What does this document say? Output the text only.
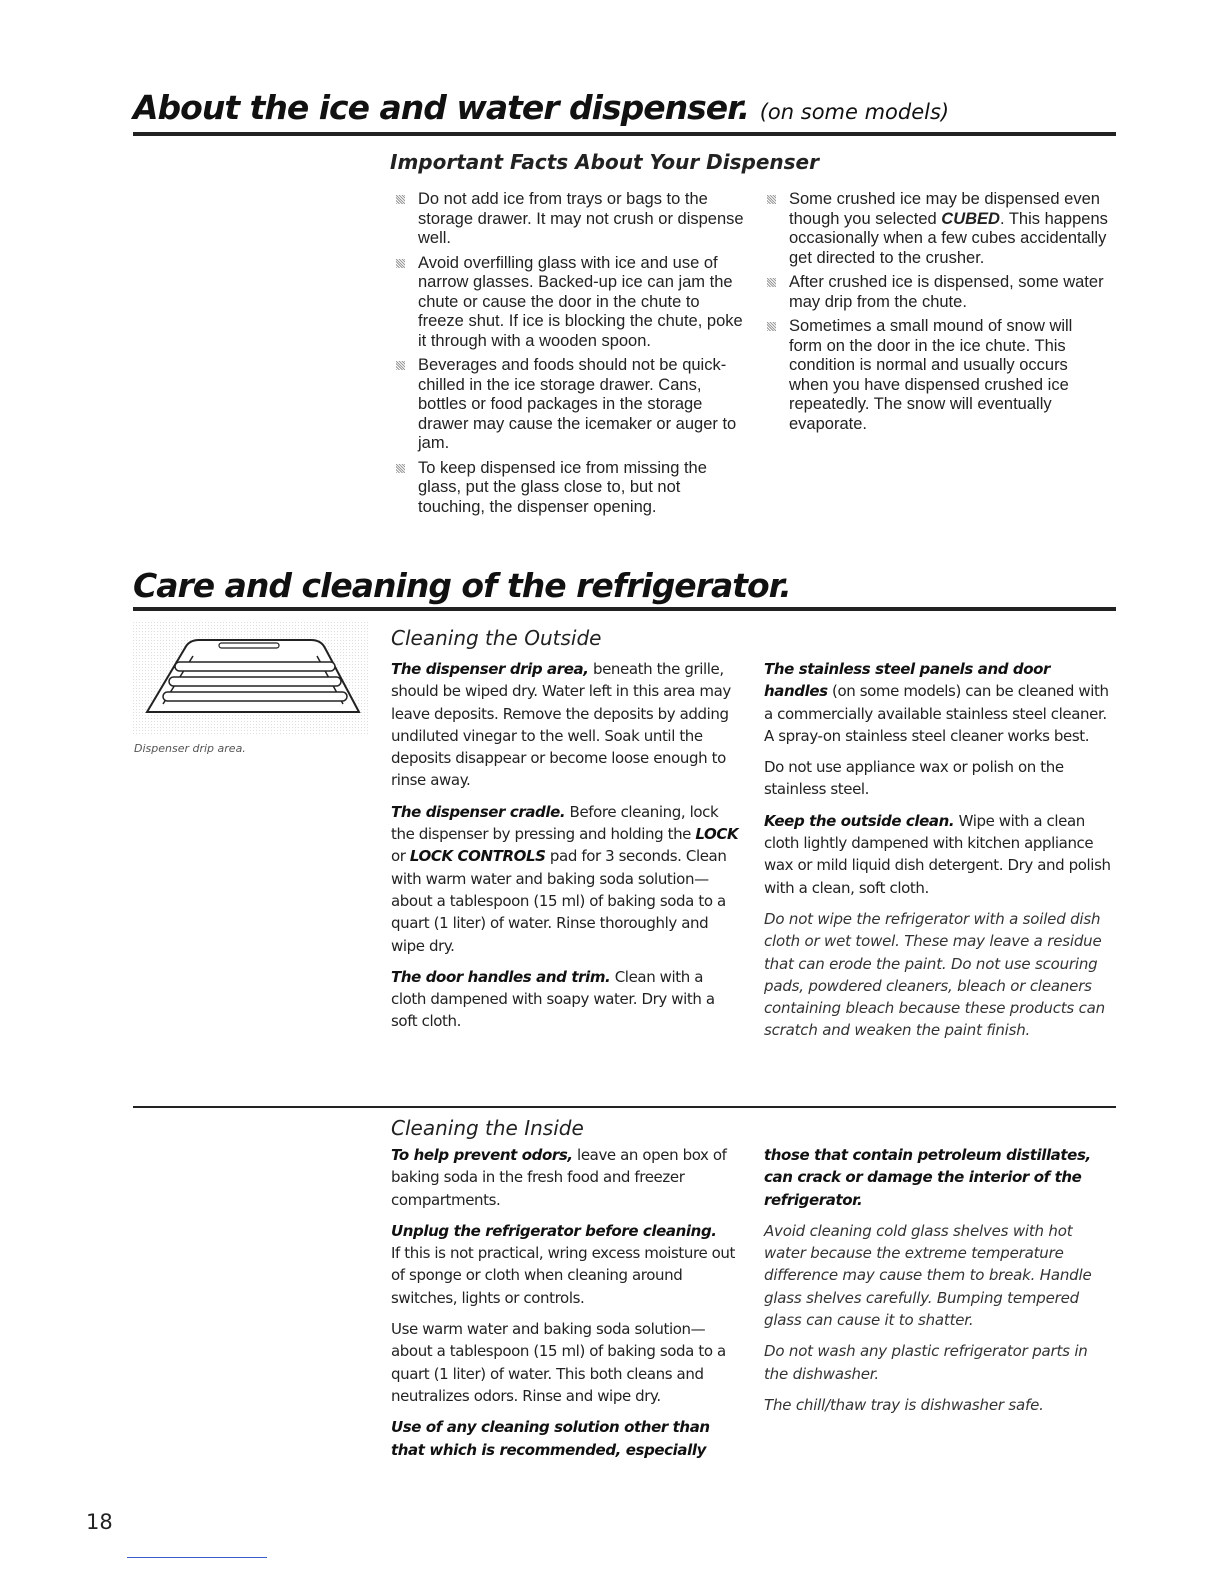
About the ice and water dispenser. (on some models)
Important Facts About Your Dispenser
Do not add ice from trays or bags to the storage drawer. It may not crush or dispense well.
Avoid overfilling glass with ice and use of narrow glasses. Backed-up ice can jam the chute or cause the door in the chute to freeze shut. If ice is blocking the chute, poke it through with a wooden spoon.
Beverages and foods should not be quick-chilled in the ice storage drawer. Cans, bottles or food packages in the storage drawer may cause the icemaker or auger to jam.
To keep dispensed ice from missing the glass, put the glass close to, but not touching, the dispenser opening.
Some crushed ice may be dispensed even though you selected CUBED. This happens occasionally when a few cubes accidentally get directed to the crusher.
After crushed ice is dispensed, some water may drip from the chute.
Sometimes a small mound of snow will form on the door in the ice chute. This condition is normal and usually occurs when you have dispensed crushed ice repeatedly. The snow will eventually evaporate.
Care and cleaning of the refrigerator.
Dispenser drip area.
Cleaning the Outside

The dispenser drip area, beneath the grille, should be wiped dry. Water left in this area may leave deposits. Remove the deposits by adding undiluted vinegar to the well. Soak until the deposits disappear or become loose enough to rinse away.

The dispenser cradle. Before cleaning, lock the dispenser by pressing and holding the LOCK or LOCK CONTROLS pad for 3 seconds. Clean with warm water and baking soda solution—about a tablespoon (15 ml) of baking soda to a quart (1 liter) of water. Rinse thoroughly and wipe dry.

The door handles and trim. Clean with a cloth dampened with soapy water. Dry with a soft cloth.

The stainless steel panels and door handles (on some models) can be cleaned with a commercially available stainless steel cleaner. A spray-on stainless steel cleaner works best.

Do not use appliance wax or polish on the stainless steel.

Keep the outside clean. Wipe with a clean cloth lightly dampened with kitchen appliance wax or mild liquid dish detergent. Dry and polish with a clean, soft cloth.

Do not wipe the refrigerator with a soiled dish cloth or wet towel. These may leave a residue that can erode the paint. Do not use scouring pads, powdered cleaners, bleach or cleaners containing bleach because these products can scratch and weaken the paint finish.

Cleaning the Inside

To help prevent odors, leave an open box of baking soda in the fresh food and freezer compartments.

Unplug the refrigerator before cleaning.
If this is not practical, wring excess moisture out of sponge or cloth when cleaning around switches, lights or controls.

Use warm water and baking soda solution—about a tablespoon (15 ml) of baking soda to a quart (1 liter) of water. This both cleans and neutralizes odors. Rinse and wipe dry.

Use of any cleaning solution other than that which is recommended, especially

those that contain petroleum distillates, can crack or damage the interior of the refrigerator.

Avoid cleaning cold glass shelves with hot water because the extreme temperature difference may cause them to break. Handle glass shelves carefully. Bumping tempered glass can cause it to shatter.

Do not wash any plastic refrigerator parts in the dishwasher.

The chill/thaw tray is dishwasher safe.

18
